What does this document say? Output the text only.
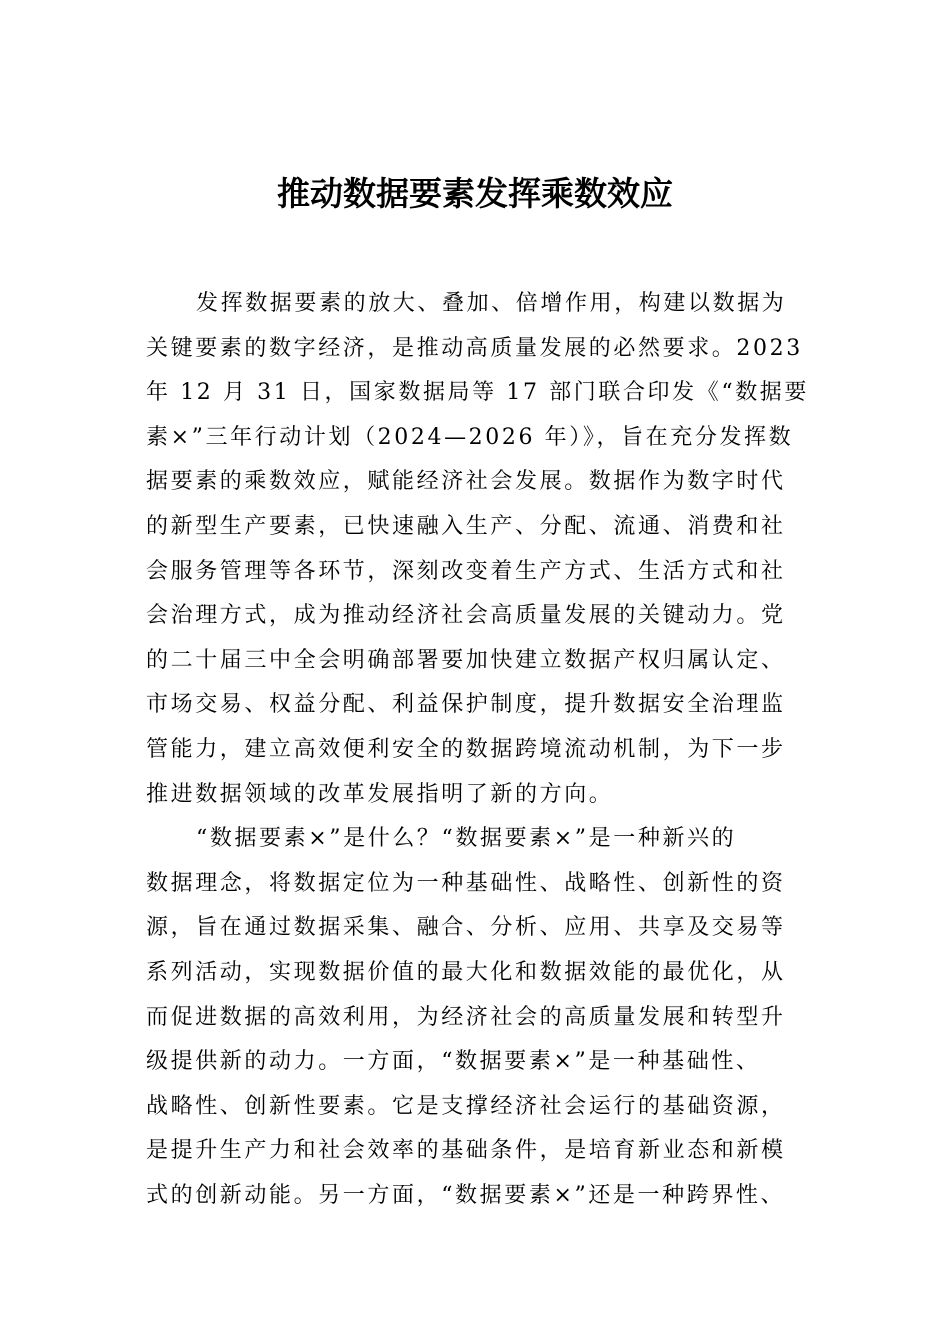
推动数据要素发挥乘数效应
发挥数据要素的放大、叠加、倍增作用，构建以数据为
关键要素的数字经济，是推动高质量发展的必然要求。2023
年 12 月 31 日，国家数据局等 17 部门联合印发《“数据要
素×”三年行动计划（2024—2026 年）》，旨在充分发挥数
据要素的乘数效应，赋能经济社会发展。数据作为数字时代
的新型生产要素，已快速融入生产、分配、流通、消费和社
会服务管理等各环节，深刻改变着生产方式、生活方式和社
会治理方式，成为推动经济社会高质量发展的关键动力。党
的二十届三中全会明确部署要加快建立数据产权归属认定、
市场交易、权益分配、利益保护制度，提升数据安全治理监
管能力，建立高效便利安全的数据跨境流动机制，为下一步
推进数据领域的改革发展指明了新的方向。
“数据要素×”是什么？“数据要素×”是一种新兴的
数据理念，将数据定位为一种基础性、战略性、创新性的资
源，旨在通过数据采集、融合、分析、应用、共享及交易等
系列活动，实现数据价值的最大化和数据效能的最优化，从
而促进数据的高效利用，为经济社会的高质量发展和转型升
级提供新的动力。一方面，“数据要素×”是一种基础性、
战略性、创新性要素。它是支撑经济社会运行的基础资源，
是提升生产力和社会效率的基础条件，是培育新业态和新模
式的创新动能。另一方面，“数据要素×”还是一种跨界性、
